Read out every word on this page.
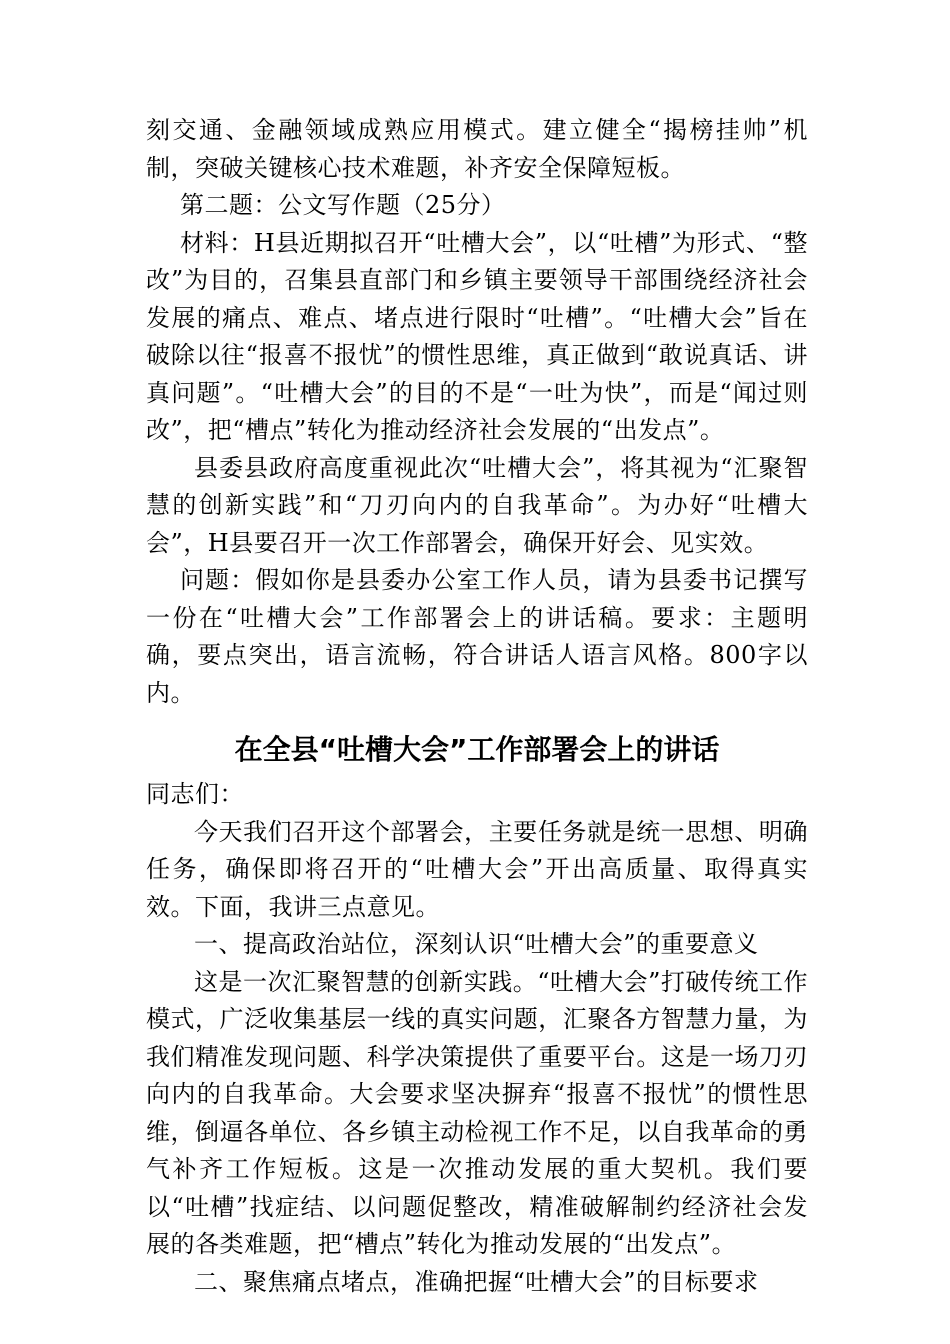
刻交通、金融领域成熟应用模式。建立健全“揭榜挂帅”机制，突破关键核心技术难题，补齐安全保障短板。

第二题：公文写作题（25分）

材料：H县近期拟召开“吐槽大会”，以“吐槽”为形式、“整改”为目的，召集县直部门和乡镇主要领导干部围绕经济社会发展的痛点、难点、堵点进行限时“吐槽”。“吐槽大会”旨在破除以往“报喜不报忧”的惯性思维，真正做到“敢说真话、讲真问题”。“吐槽大会”的目的不是“一吐为快”，而是“闻过则改”，把“槽点”转化为推动经济社会发展的“出发点”。

县委县政府高度重视此次“吐槽大会”，将其视为“汇聚智慧的创新实践”和“刀刃向内的自我革命”。为办好“吐槽大会”，H县要召开一次工作部署会，确保开好会、见实效。

问题：假如你是县委办公室工作人员，请为县委书记撰写一份在“吐槽大会”工作部署会上的讲话稿。要求：主题明确，要点突出，语言流畅，符合讲话人语言风格。800字以内。

在全县“吐槽大会”工作部署会上的讲话

同志们：

今天我们召开这个部署会，主要任务就是统一思想、明确任务，确保即将召开的“吐槽大会”开出高质量、取得真实效。下面，我讲三点意见。

一、提高政治站位，深刻认识“吐槽大会”的重要意义

这是一次汇聚智慧的创新实践。“吐槽大会”打破传统工作模式，广泛收集基层一线的真实问题，汇聚各方智慧力量，为我们精准发现问题、科学决策提供了重要平台。这是一场刀刃向内的自我革命。大会要求坚决摒弃“报喜不报忧”的惯性思维，倒逼各单位、各乡镇主动检视工作不足，以自我革命的勇气补齐工作短板。这是一次推动发展的重大契机。我们要以“吐槽”找症结、以问题促整改，精准破解制约经济社会发展的各类难题，把“槽点”转化为推动发展的“出发点”。

二、聚焦痛点堵点，准确把握“吐槽大会”的目标要求
